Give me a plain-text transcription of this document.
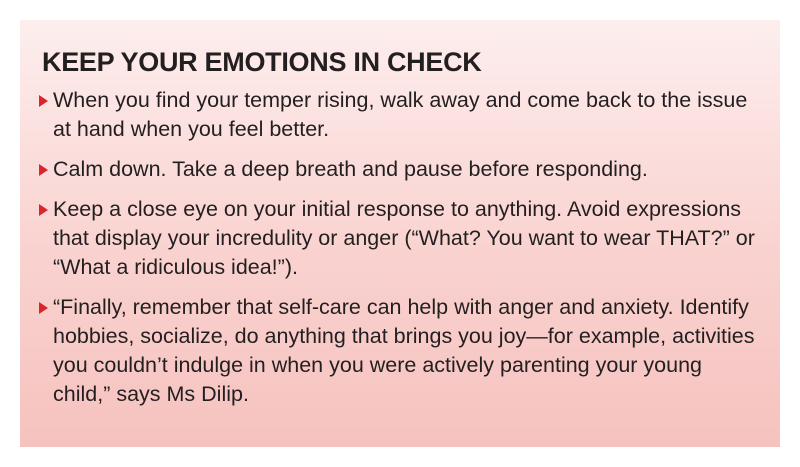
KEEP YOUR EMOTIONS IN CHECK
When you find your temper rising, walk away and come back to the issue at hand when you feel better.
Calm down. Take a deep breath and pause before responding.
Keep a close eye on your initial response to anything. Avoid expressions that display your incredulity or anger (“What? You want to wear THAT?” or “What a ridiculous idea!”).
“Finally, remember that self-care can help with anger and anxiety. Identify hobbies, socialize, do anything that brings you joy—for example, activities you couldn’t indulge in when you were actively parenting your young child,” says Ms Dilip.
